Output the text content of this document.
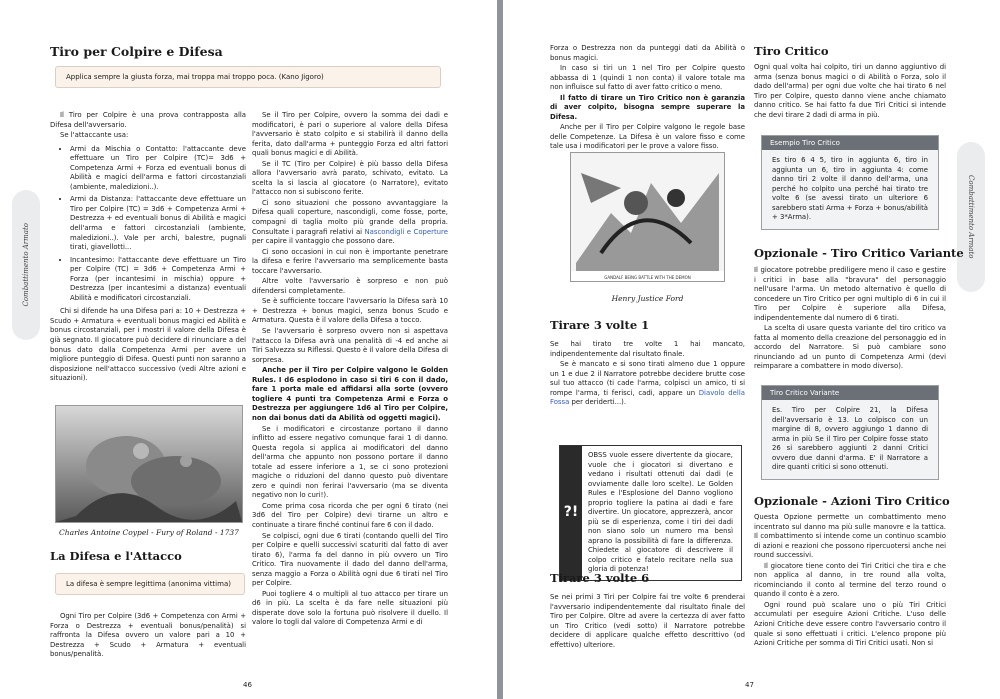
Combattimento Armato
Tiro per Colpire e Difesa
Applica sempre la giusta forza, mai troppa mai troppo poca. (Kano Jigoro)

Il Tiro per Colpire è una prova contrapposta alla Difesa dell'avversario.

Se l'attaccante usa:

• Armi da Mischia o Contatto: l'attaccante deve effettuare un Tiro per Colpire (TC)= 3d6 + Competenza Armi + Forza ed eventuali bonus di Abilità e magici dell'arma e fattori circostanziali (ambiente, maledizioni..).
• Armi da Distanza: l'attaccante deve effettuare un Tiro per Colpire (TC) = 3d6 + Competenza Armi + Destrezza + ed eventuali bonus di Abilità e magici dell'arma e fattori circostanziali (ambiente, maledizioni..). Vale per archi, balestre, pugnali tirati, giavellotti...
• Incantesimo: l'attaccante deve effettuare un Tiro per Colpire (TC) = 3d6 + Competenza Armi + Forza (per incantesimi in mischia) oppure + Destrezza (per incantesimi a distanza) eventuali Abilità e modificatori circostanziali.

Chi si difende ha una Difesa pari a: 10 + Destrezza + Scudo + Armatura + eventuali bonus magici ed Abilità e bonus circostanziali, per i mostri il valore della Difesa è già segnato. Il giocatore può decidere di rinunciare a del bonus dato dalla Competenza Armi per avere un migliore punteggio di Difesa. Questi punti non saranno a disposizione nell'attacco successivo (vedi Altre azioni e situazioni).

Charles Antoine Coypel - Fury of Roland - 1737
La Difesa e l'Attacco
La difesa è sempre legittima (anonima vittima)

Ogni Tiro per Colpire (3d6 + Competenza con Armi + Forza o Destrezza + eventuali bonus/penalità) si raffronta la Difesa ovvero un valore pari a 10 + Destrezza + Scudo + Armatura + eventuali bonus/penalità.

Se il Tiro per Colpire, ovvero la somma dei dadi e modificatori, è pari o superiore al valore della Difesa l'avversario è stato colpito e si stabilirà il danno della ferita, dato dall'arma + punteggio Forza ed altri fattori quali bonus magici e di Abilità.

Se il TC (Tiro per Colpire) è più basso della Difesa allora l'avversario avrà parato, schivato, evitato. La scelta la si lascia al giocatore (o Narratore), evitato l'attacco non si subiscono ferite.

Ci sono situazioni che possono avvantaggiare la Difesa quali coperture, nascondigli, come fosse, porte, compagni di taglia molto più grande della propria. Consultate i paragrafi relativi ai Nascondigli e Coperture per capire il vantaggio che possono dare.

Ci sono occasioni in cui non è importante penetrare la difesa e ferire l'avversario ma semplicemente basta toccare l'avversario.

Altre volte l'avversario è sorpreso e non può difendersi completamente.

Se è sufficiente toccare l'avversario la Difesa sarà 10 + Destrezza + bonus magici, senza bonus Scudo e Armatura. Questa è il valore della Difesa a tocco.

Se l'avversario è sorpreso ovvero non si aspettava l'attacco la Difesa avrà una penalità di -4 ed anche ai Tiri Salvezza su Riflessi. Questo è il valore della Difesa di sorpresa.

Anche per il Tiro per Colpire valgono le Golden Rules. I d6 esplodono in caso si tiri 6 con il dado, fare 1 porta male ed affidarsi alla sorte (ovvero togliere 4 punti tra Competenza Armi e Forza o Destrezza per aggiungere 1d6 al Tiro per Colpire, non dai bonus dati da Abilità od oggetti magici).

Se i modificatori e circostanze portano il danno inflitto ad essere negativo comunque farai 1 di danno. Questa regola si applica ai modificatori del danno dell'arma che appunto non possono portare il danno totale ad essere inferiore a 1, se ci sono protezioni magiche o riduzioni del danno questo può diventare zero e quindi non ferirai l'avversario (ma se diventa negativo non lo curi!).

Come prima cosa ricorda che per ogni 6 tirato (nei 3d6 del Tiro per Colpire) devi tirarne un altro e continuate a tirare finché continui fare 6 con il dado.

Se colpisci, ogni due 6 tirati (contando quelli del Tiro per Colpire e quelli successivi scaturiti dal fatto di aver tirato 6), l'arma fa del danno in più ovvero un Tiro Critico. Tira nuovamente il dado del danno dell'arma, senza maggio a Forza o Abilità ogni due 6 tirati nel Tiro per Colpire.

Puoi togliere 4 o multipli al tuo attacco per tirare un d6 in più. La scelta è da fare nelle situazioni più disperate dove solo la fortuna può risolvere il duello. Il valore lo togli dal valore di Competenza Armi e di

46
Combattimento Armato

Forza o Destrezza non da punteggi dati da Abilità o bonus magici.

In caso si tiri un 1 nel Tiro per Colpire questo abbassa di 1 (quindi 1 non conta) il valore totale ma non influisce sul fatto di aver fatto critico o meno.

Il fatto di tirare un Tiro Critico non è garanzia di aver colpito, bisogna sempre superare la Difesa.

Anche per il Tiro per Colpire valgono le regole base delle Competenze. La Difesa è un valore fisso e come tale usa i modificatori per le prove a valore fisso.

GANDALF BEING BATTLE WITH THE DEMON
Henry Justice Ford
Tirare 3 volte 1

Se hai tirato tre volte 1 hai mancato, indipendentemente dal risultato finale.

Se è mancato e si sono tirati almeno due 1 oppure un 1 e due 2 il Narratore potrebbe decidere brutte cose sul tuo attacco (ti cade l'arma, colpisci un amico, ti si rompe l'arma, ti ferisci, cadi, appare un Diavolo della Fossa per deriderti...).

?!
OBSS vuole essere divertente da giocare, vuole che i giocatori si divertano e vedano i risultati ottenuti dai dadi (e ovviamente dalle loro scelte). Le Golden Rules e l'Esplosione del Danno vogliono proprio togliere la patina ai dadi e fare divertire. Un giocatore, apprezzerà, ancor più se di esperienza, come i tiri dei dadi non siano solo un numero ma bensì aprano la possibilità di fare la differenza. Chiedete al giocatore di descrivere il colpo critico e fatelo recitare nella sua gloria di potenza!
Tirare 3 volte 6

Se nei primi 3 Tiri per Colpire fai tre volte 6 prenderai l'avversario indipendentemente dal risultato finale del Tiro per Colpire. Oltre ad avere la certezza di aver fatto un Tiro Critico (vedi sotto) il Narratore potrebbe decidere di applicare qualche effetto descrittivo (od effettivo) ulteriore.

Tiro Critico

Ogni qual volta hai colpito, tiri un danno aggiuntivo di arma (senza bonus magici o di Abilità o Forza, solo il dado dell'arma) per ogni due volte che hai tirato 6 nel Tiro per Colpire, questo danno viene anche chiamato danno critico. Se hai fatto fa due Tiri Critici si intende che devi tirare 2 dadi di arma in più.

Esempio Tiro Critico
Es tiro 6 4 5, tiro in aggiunta 6, tiro in aggiunta un 6, tiro in aggiunta 4: come danno tiri 2 volte il danno dell'arma, una perché ho colpito una perché hai tirato tre volte 6 (se avessi tirato un ulteriore 6 sarebbero stati Arma + Forza + bonus/abilità + 3*Arma).
Opzionale - Tiro Critico Variante

Il giocatore potrebbe prediligere meno il caso e gestire i critici in base alla "bravura" del personaggio nell'usare l'arma. Un metodo alternativo è quello di concedere un Tiro Critico per ogni multiplo di 6 in cui il Tiro per Colpire è superiore alla Difesa, indipendentemente dal numero di 6 tirati.

La scelta di usare questa variante del tiro critico va fatta al momento della creazione del personaggio ed in accordo del Narratore. Si può cambiare sono rinunciando ad un punto di Competenza Armi (devi reimparare a combattere in modo diverso).

Tiro Critico Variante
Es. Tiro per Colpire 21, la Difesa dell'avversario è 13. Lo colpisco con un margine di 8, ovvero aggiungo 1 danno di arma in più Se il Tiro per Colpire fosse stato 26 si sarebbero aggiunti 2 danni Critici ovvero due danni d'arma. E' il Narratore a dire quanti critici si sono ottenuti.
Opzionale - Azioni Tiro Critico

Questa Opzione permette un combattimento meno incentrato sul danno ma più sulle manovre e la tattica. Il combattimento si intende come un continuo scambio di azioni e reazioni che possono ripercuotersi anche nei round successivi.

Il giocatore tiene conto dei Tiri Critici che tira e che non applica al danno, in tre round alla volta, ricominciando il conto al termine del terzo round o quando il conto è a zero.

Ogni round può scalare uno o più Tiri Critici accumulati per eseguire Azioni Critiche. L'uso delle Azioni Critiche deve essere contro l'avversario contro il quale si sono effettuati i critici. L'elenco propone più Azioni Critiche per somma di Tiri Critici usati. Non si

47
